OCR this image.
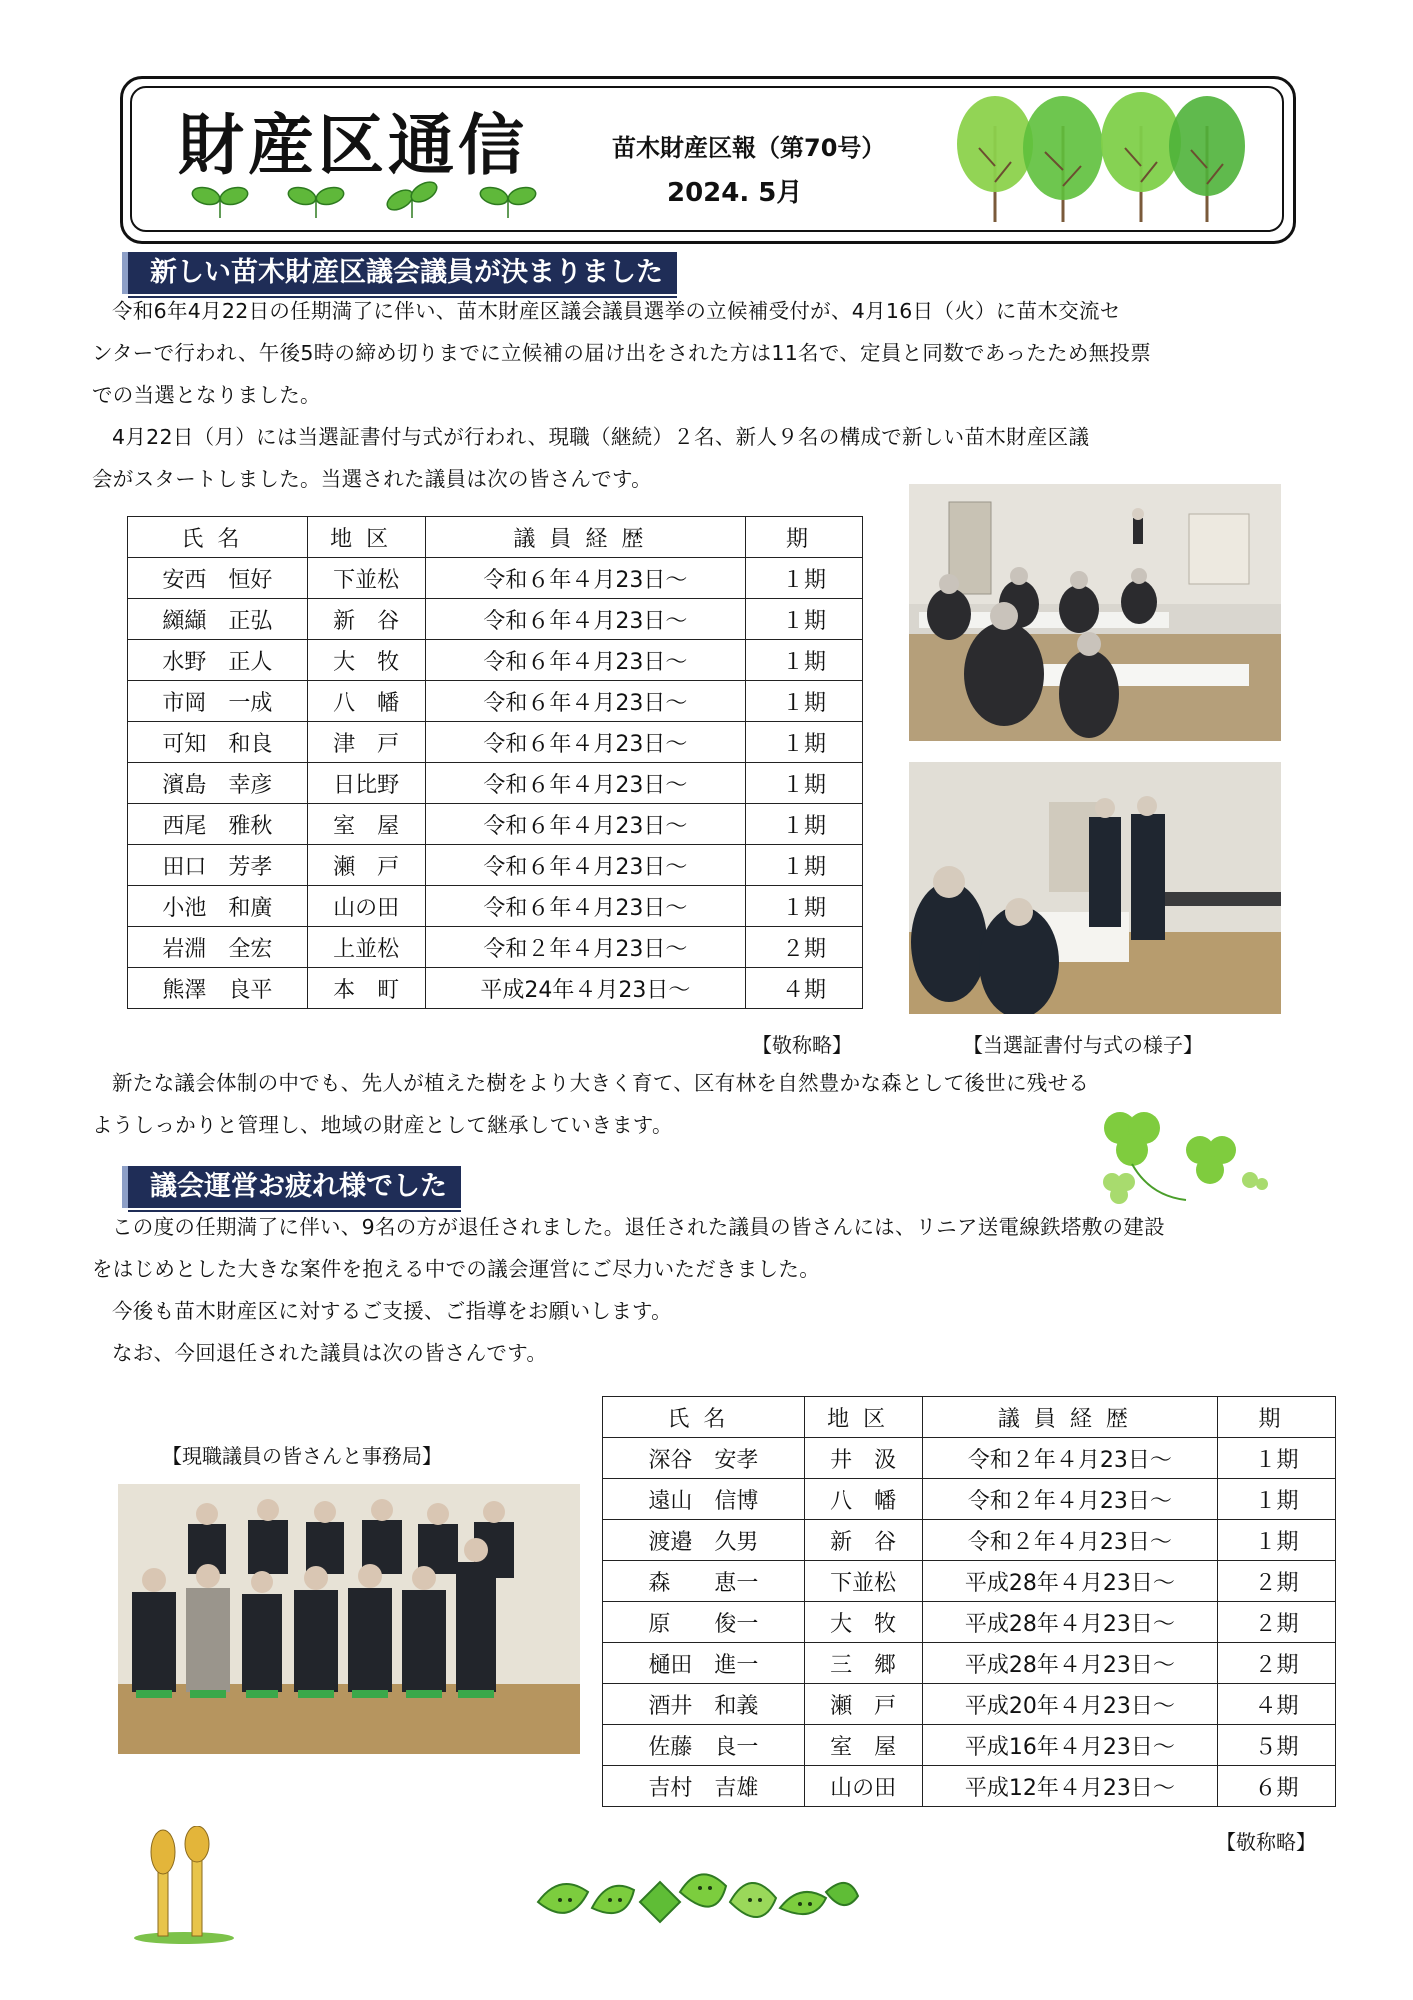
財産区通信	苗木財産区報（第70号）
2024. 5月
新しい苗木財産区議会議員が決まりました
令和6年4月22日の任期満了に伴い、苗木財産区議会議員選挙の立候補受付が、4月16日（火）に苗木交流セ
ンターで行われ、午後5時の締め切りまでに立候補の届け出をされた方は11名で、定員と同数であったため無投票
での当選となりました。
4月22日（月）には当選証書付与式が行われ、現職（継続）２名、新人９名の構成で新しい苗木財産区議
会がスタートしました。当選された議員は次の皆さんです。
氏名	地区	議員経歴	期
安西　恒好	下並松	令和６年４月23日～	１期
纐纈　正弘	新　谷	令和６年４月23日～	１期
水野　正人	大　牧	令和６年４月23日～	１期
市岡　一成	八　幡	令和６年４月23日～	１期
可知　和良	津　戸	令和６年４月23日～	１期
濱島　幸彦	日比野	令和６年４月23日～	１期
西尾　雅秋	室　屋	令和６年４月23日～	１期
田口　芳孝	瀬　戸	令和６年４月23日～	１期
小池　和廣	山の田	令和６年４月23日～	１期
岩淵　全宏	上並松	令和２年４月23日～	２期
熊澤　良平	本　町	平成24年４月23日～	４期
【敬称略】	【当選証書付与式の様子】
新たな議会体制の中でも、先人が植えた樹をより大きく育て、区有林を自然豊かな森として後世に残せる
ようしっかりと管理し、地域の財産として継承していきます。
議会運営お疲れ様でした
この度の任期満了に伴い、9名の方が退任されました。退任された議員の皆さんには、リニア送電線鉄塔敷の建設
をはじめとした大きな案件を抱える中での議会運営にご尽力いただきました。
今後も苗木財産区に対するご支援、ご指導をお願いします。
なお、今回退任された議員は次の皆さんです。
【現職議員の皆さんと事務局】
氏名	地区	議員経歴	期
深谷　安孝	井　汲	令和２年４月23日～	１期
遠山　信博	八　幡	令和２年４月23日～	１期
渡邉　久男	新　谷	令和２年４月23日～	１期
森　　恵一	下並松	平成28年４月23日～	２期
原　　俊一	大　牧	平成28年４月23日～	２期
樋田　進一	三　郷	平成28年４月23日～	２期
酒井　和義	瀬　戸	平成20年４月23日～	４期
佐藤　良一	室　屋	平成16年４月23日～	５期
吉村　吉雄	山の田	平成12年４月23日～	６期
【敬称略】
